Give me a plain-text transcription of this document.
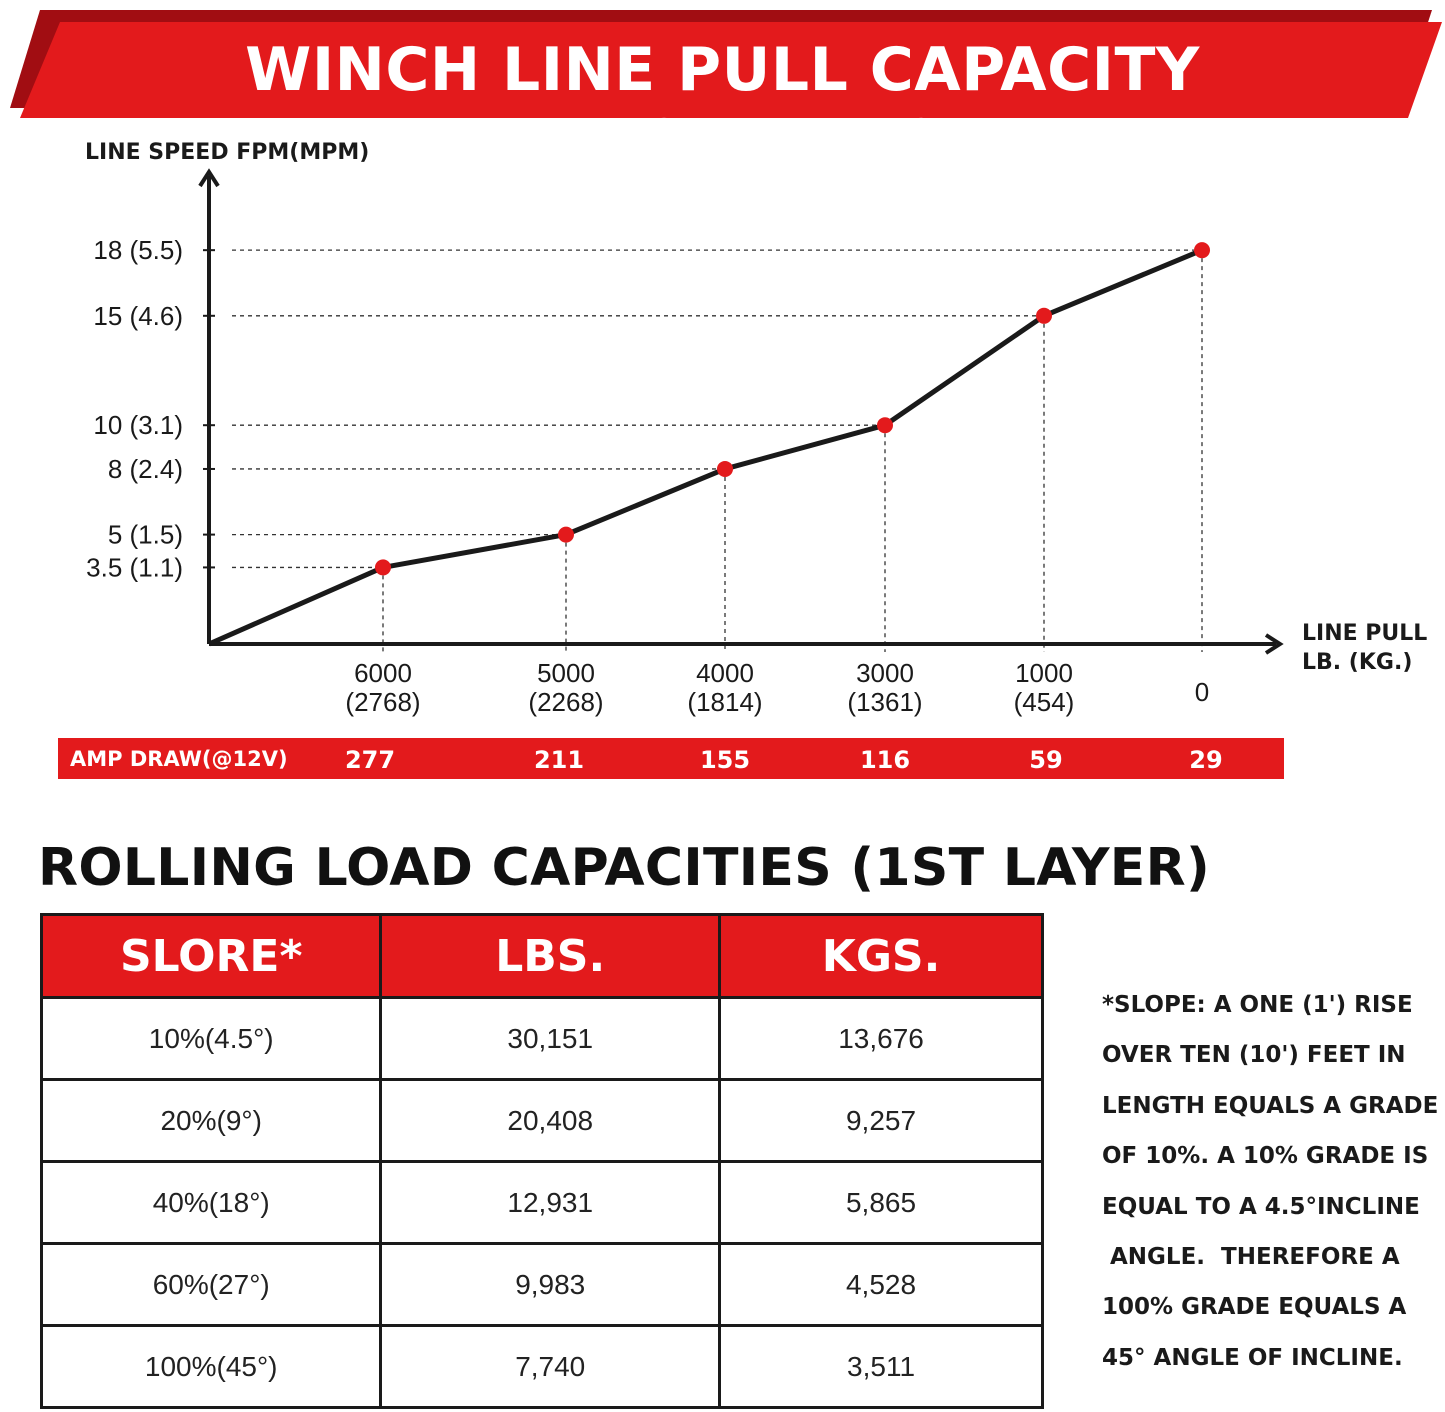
WINCH LINE PULL CAPACITY PERFORMANCE
3.5 (1.1)
5 (1.5)
8 (2.4)
10 (3.1)
15 (4.6)
18 (5.5)
LINE SPEED FPM(MPM)
LINE PULL
LB. (KG.)
6000
(2768)
5000
(2268)
4000
(1814)
3000
(1361)
1000
(454)	0
AMP DRAW(@12V)	277	211	155	116	59	29
ROLLING LOAD CAPACITIES (1ST LAYER)
SLORE*	LBS.	KGS.
10%(4.5°)	30,151	13,676
20%(9°)	20,408	9,257
40%(18°)	12,931	5,865
60%(27°)	9,983	4,528
100%(45°)	7,740	3,511
*SLOPE: A ONE (1') RISE
OVER TEN (10') FEET IN
LENGTH EQUALS A GRADE
OF 10%. A 10% GRADE IS
EQUAL TO A 4.5°INCLINE
ANGLE.  THEREFORE A
100% GRADE EQUALS A
45° ANGLE OF INCLINE.
